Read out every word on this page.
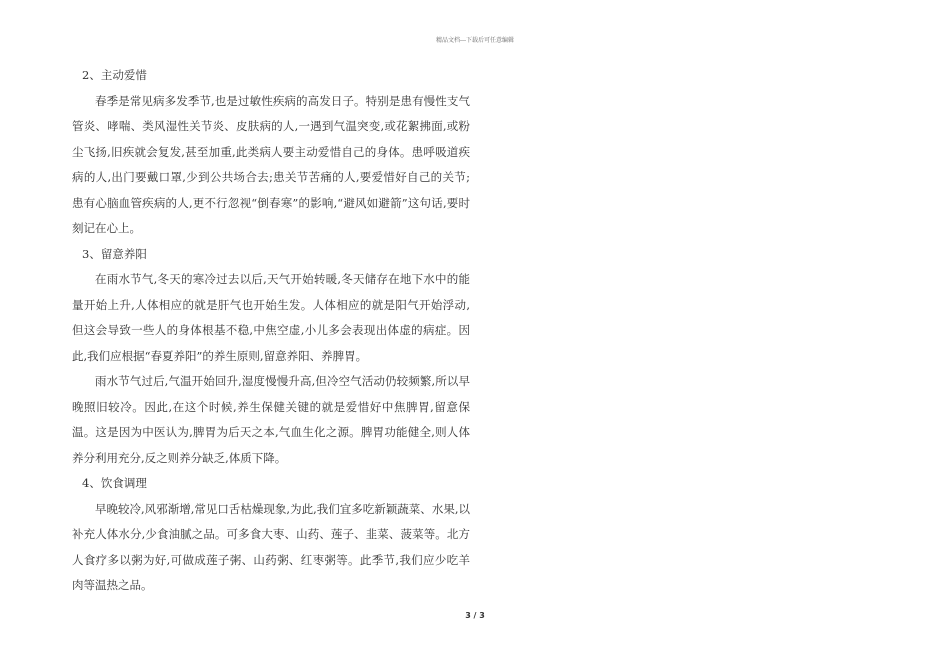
精品文档---下载后可任意编辑

2、主动爱惜

春季是常见病多发季节,也是过敏性疾病的高发日子。特别是患有慢性支气管炎、哮喘、类风湿性关节炎、皮肤病的人,一遇到气温突变,或花絮拂面,或粉尘飞扬,旧疾就会复发,甚至加重,此类病人要主动爱惜自己的身体。患呼吸道疾病的人,出门要戴口罩,少到公共场合去;患关节苦痛的人,要爱惜好自己的关节;患有心脑血管疾病的人,更不行忽视“倒春寒”的影响,“避风如避箭”这句话,要时刻记在心上。

3、留意养阳

在雨水节气,冬天的寒冷过去以后,天气开始转暖,冬天储存在地下水中的能量开始上升,人体相应的就是肝气也开始生发。人体相应的就是阳气开始浮动,但这会导致一些人的身体根基不稳,中焦空虚,小儿多会表现出体虚的病症。因此,我们应根据“春夏养阳”的养生原则,留意养阳、养脾胃。

雨水节气过后,气温开始回升,湿度慢慢升高,但冷空气活动仍较频繁,所以早晚照旧较冷。因此,在这个时候,养生保健关键的就是爱惜好中焦脾胃,留意保温。这是因为中医认为,脾胃为后天之本,气血生化之源。脾胃功能健全,则人体养分利用充分,反之则养分缺乏,体质下降。

4、饮食调理

早晚较冷,风邪渐增,常见口舌枯燥现象,为此,我们宜多吃新颖蔬菜、水果,以补充人体水分,少食油腻之品。可多食大枣、山药、莲子、韭菜、菠菜等。北方人食疗多以粥为好,可做成莲子粥、山药粥、红枣粥等。此季节,我们应少吃羊肉等温热之品。

3 / 3
